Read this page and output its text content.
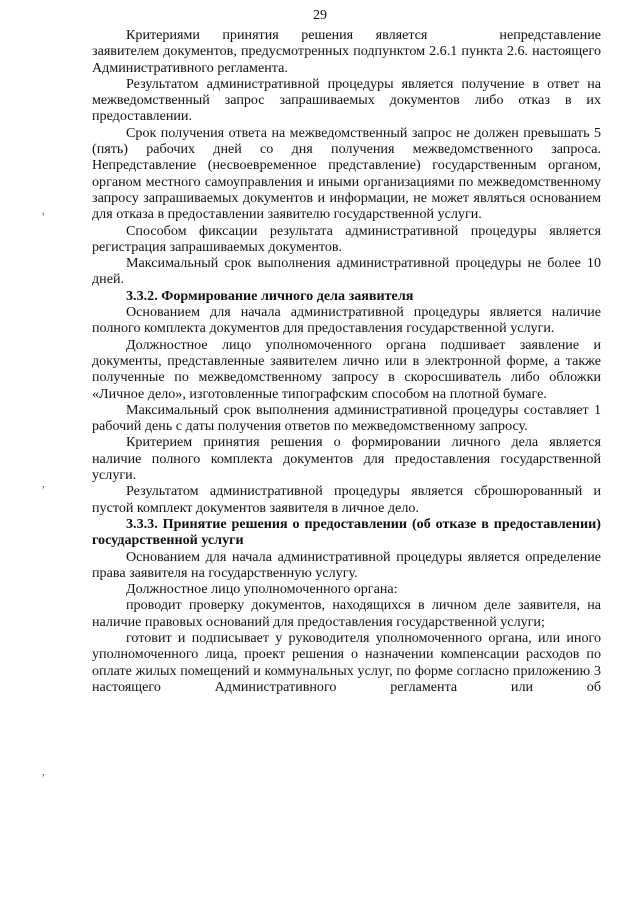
29

Критериями принятия решения является	непредставление заявителем документов, предусмотренных подпунктом 2.6.1 пункта 2.6. настоящего Административного регламента.

Результатом административной процедуры является получение в ответ на межведомственный запрос запрашиваемых документов либо отказ в их предоставлении.

Срок получения ответа на межведомственный запрос не должен превышать 5 (пять) рабочих дней со дня получения межведомственного запроса. Непредставление (несвоевременное представление) государственным органом, органом местного самоуправления и иными организациями по межведомственному запросу запрашиваемых документов и информации, не может являться основанием для отказа в предоставлении заявителю государственной услуги.

Способом фиксации результата административной процедуры является регистрация запрашиваемых документов.

Максимальный срок выполнения административной процедуры не более 10 дней.

3.3.2. Формирование личного дела заявителя

Основанием для начала административной процедуры является наличие полного комплекта документов для предоставления государственной услуги.

Должностное лицо уполномоченного органа подшивает заявление и документы, представленные заявителем лично или в электронной форме, а также полученные по межведомственному запросу в скоросшиватель либо обложки «Личное дело», изготовленные типографским способом на плотной бумаге.

Максимальный срок выполнения административной процедуры составляет 1 рабочий день с даты получения ответов по межведомственному запросу.

Критерием принятия решения о формировании личного дела является наличие полного комплекта документов для предоставления государственной услуги.

Результатом административной процедуры является сброшюрованный и пустой комплект документов заявителя в личное дело.

3.3.3. Принятие решения о предоставлении (об отказе в предоставлении) государственной услуги

Основанием для начала административной процедуры является определение права заявителя на государственную услугу.

Должностное лицо уполномоченного органа:

проводит проверку документов, находящихся в личном деле заявителя, на наличие правовых оснований для предоставления государственной услуги;

готовит и подписывает у руководителя уполномоченного органа, или иного уполномоченного лица, проект решения о назначении компенсации расходов по оплате жилых помещений и коммунальных услуг, по форме согласно приложению 3 настоящего Административного регламента или об

,
,
,
